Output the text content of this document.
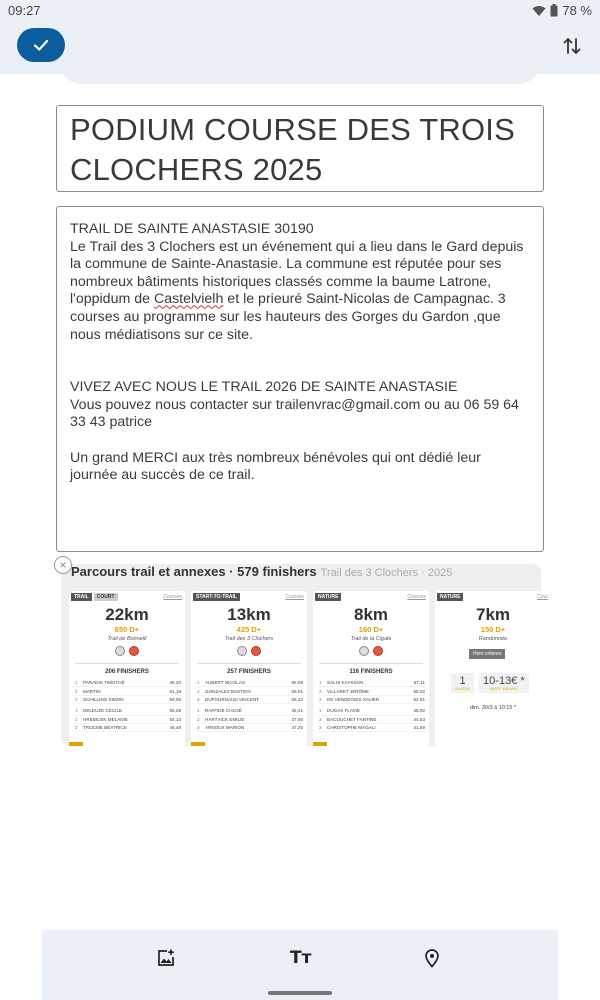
09:27	78 %
PODIUM COURSE DES TROIS CLOCHERS 2025

TRAIL DE SAINTE ANASTASIE 30190

Le Trail des 3 Clochers est un événement qui a lieu dans le Gard depuis la commune de Sainte-Anastasie. La commune est réputée pour ses nombreux bâtiments historiques classés comme la baume Latrone, l'oppidum de Castelvielh et le prieuré Saint-Nicolas de Campagnac. 3 courses au programme sur les hauteurs des Gorges du Gardon ,que nous médiatisons sur ce site.

VIVEZ AVEC NOUS LE TRAIL 2026 DE SAINTE ANASTASIE

Vous pouvez nous contacter sur trailenvrac@gmail.com ou au 06 59 64 33 43 patrice

Un grand MERCI aux très nombreux bénévoles qui ont dédié leur journée au succès de ce trail.

Parcours trail et annexes · 579 finishers Trail des 3 Clochers · 2025
TRAIL	COURT	Courses
22km
650 D+
Trail de Bonnelli
206 FINISHERS
1	PARADIS TIMOTHÉ	48,20
2	MARTIN	61,19
3	SCHILLING SIMON	59,05
1	DELEUZE CÉCILE	55,26
2	HREBICEK MÉLANIE	54,13
3	TROCME BÉATRICE	48,48
START-TO-TRAIL	Courses
13km
425 D+
Trail des 3 Clochers
257 FINISHERS
1	AUBERT NICOLAS	65,09
2	GONZALEZ BASTIEN	59,01
3	DUFOURNAUD VINCENT	59,22
1	RAFFIDE CHLOÉ	48,41
2	HARTVICK EMILIE	47,56
3	ARNOUX MARION	47,25
NATURE	Courses
8km
160 D+
Trail de la Cigale
116 FINISHERS
1	SALHI KAYSSON	57,11
2	VILLARET JÉRÔME	55,02
3	DE VENDEGIES XAVIER	52,81
1	DUGAS FLAVIE	45,92
2	BACOUCHET FANTINE	44,53
3	CHRISTOPHE MAGALI	41,59
NATURE	Cour
7km
150 D+
Randonnée
Hors critères
1
RAVITOS
10-13€ *
INSCR. MIN MAX
dim. 30/3 à 10:15 *
×
Tт
